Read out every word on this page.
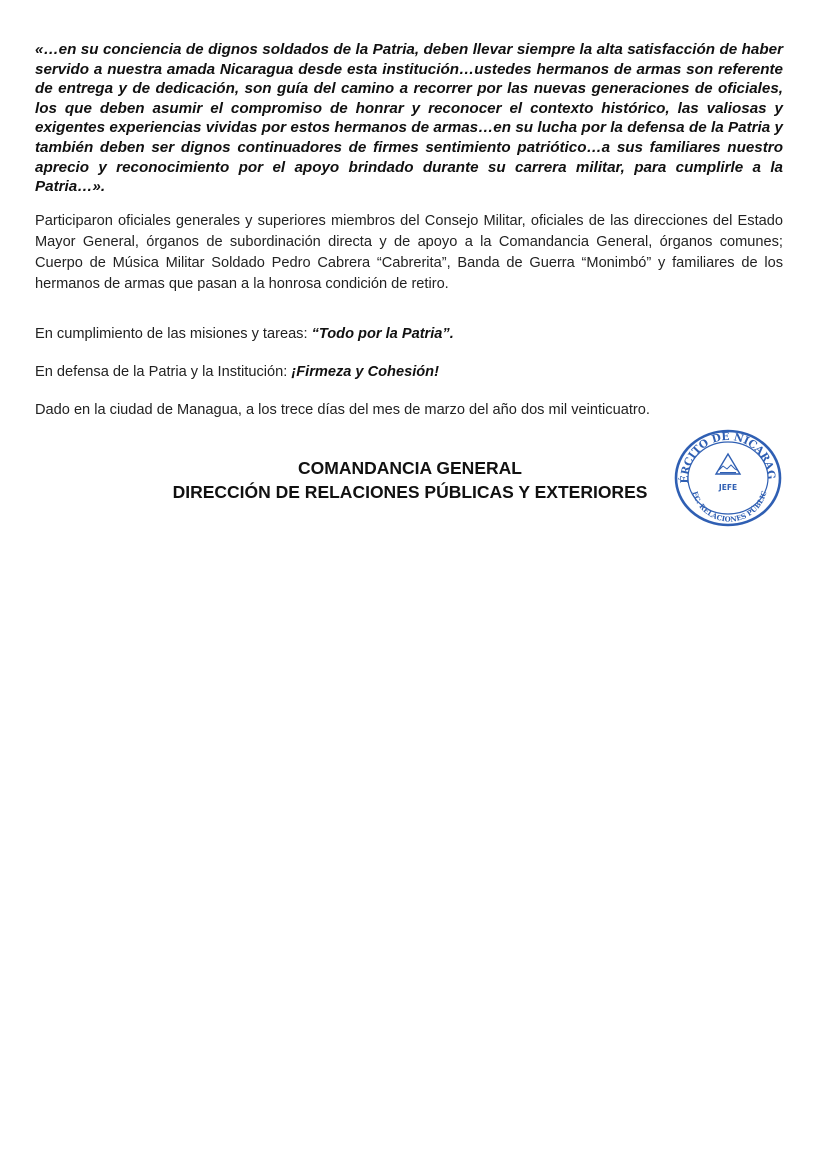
«…en su conciencia de dignos soldados de la Patria, deben llevar siempre la alta satisfacción de haber servido a nuestra amada Nicaragua desde esta institución…ustedes hermanos de armas son referente de entrega y de dedicación, son guía del camino a recorrer por las nuevas generaciones de oficiales, los que deben asumir el compromiso de honrar y reconocer el contexto histórico, las valiosas y exigentes experiencias vividas por estos hermanos de armas…en su lucha por la defensa de la Patria y también deben ser dignos continuadores de firmes sentimiento patriótico…a sus familiares nuestro aprecio y reconocimiento por el apoyo brindado durante su carrera militar, para cumplirle a la Patria…».

Participaron oficiales generales y superiores miembros del Consejo Militar, oficiales de las direcciones del Estado Mayor General, órganos de subordinación directa y de apoyo a la Comandancia General, órganos comunes; Cuerpo de Música Militar Soldado Pedro Cabrera “Cabrerita”, Banda de Guerra “Monimbó” y familiares de los hermanos de armas que pasan a la honrosa condición de retiro.

En cumplimiento de las misiones y tareas: “Todo por la Patria”.

En defensa de la Patria y la Institución: ¡Firmeza y Cohesión!

Dado en la ciudad de Managua, a los trece días del mes de marzo del año dos mil veinticuatro.

COMANDANCIA GENERAL

DIRECCIÓN DE RELACIONES PÚBLICAS Y EXTERIORES

ÉRCITO DE NICARAG
EC. RELACIONES PÚBLIC
JEFE
